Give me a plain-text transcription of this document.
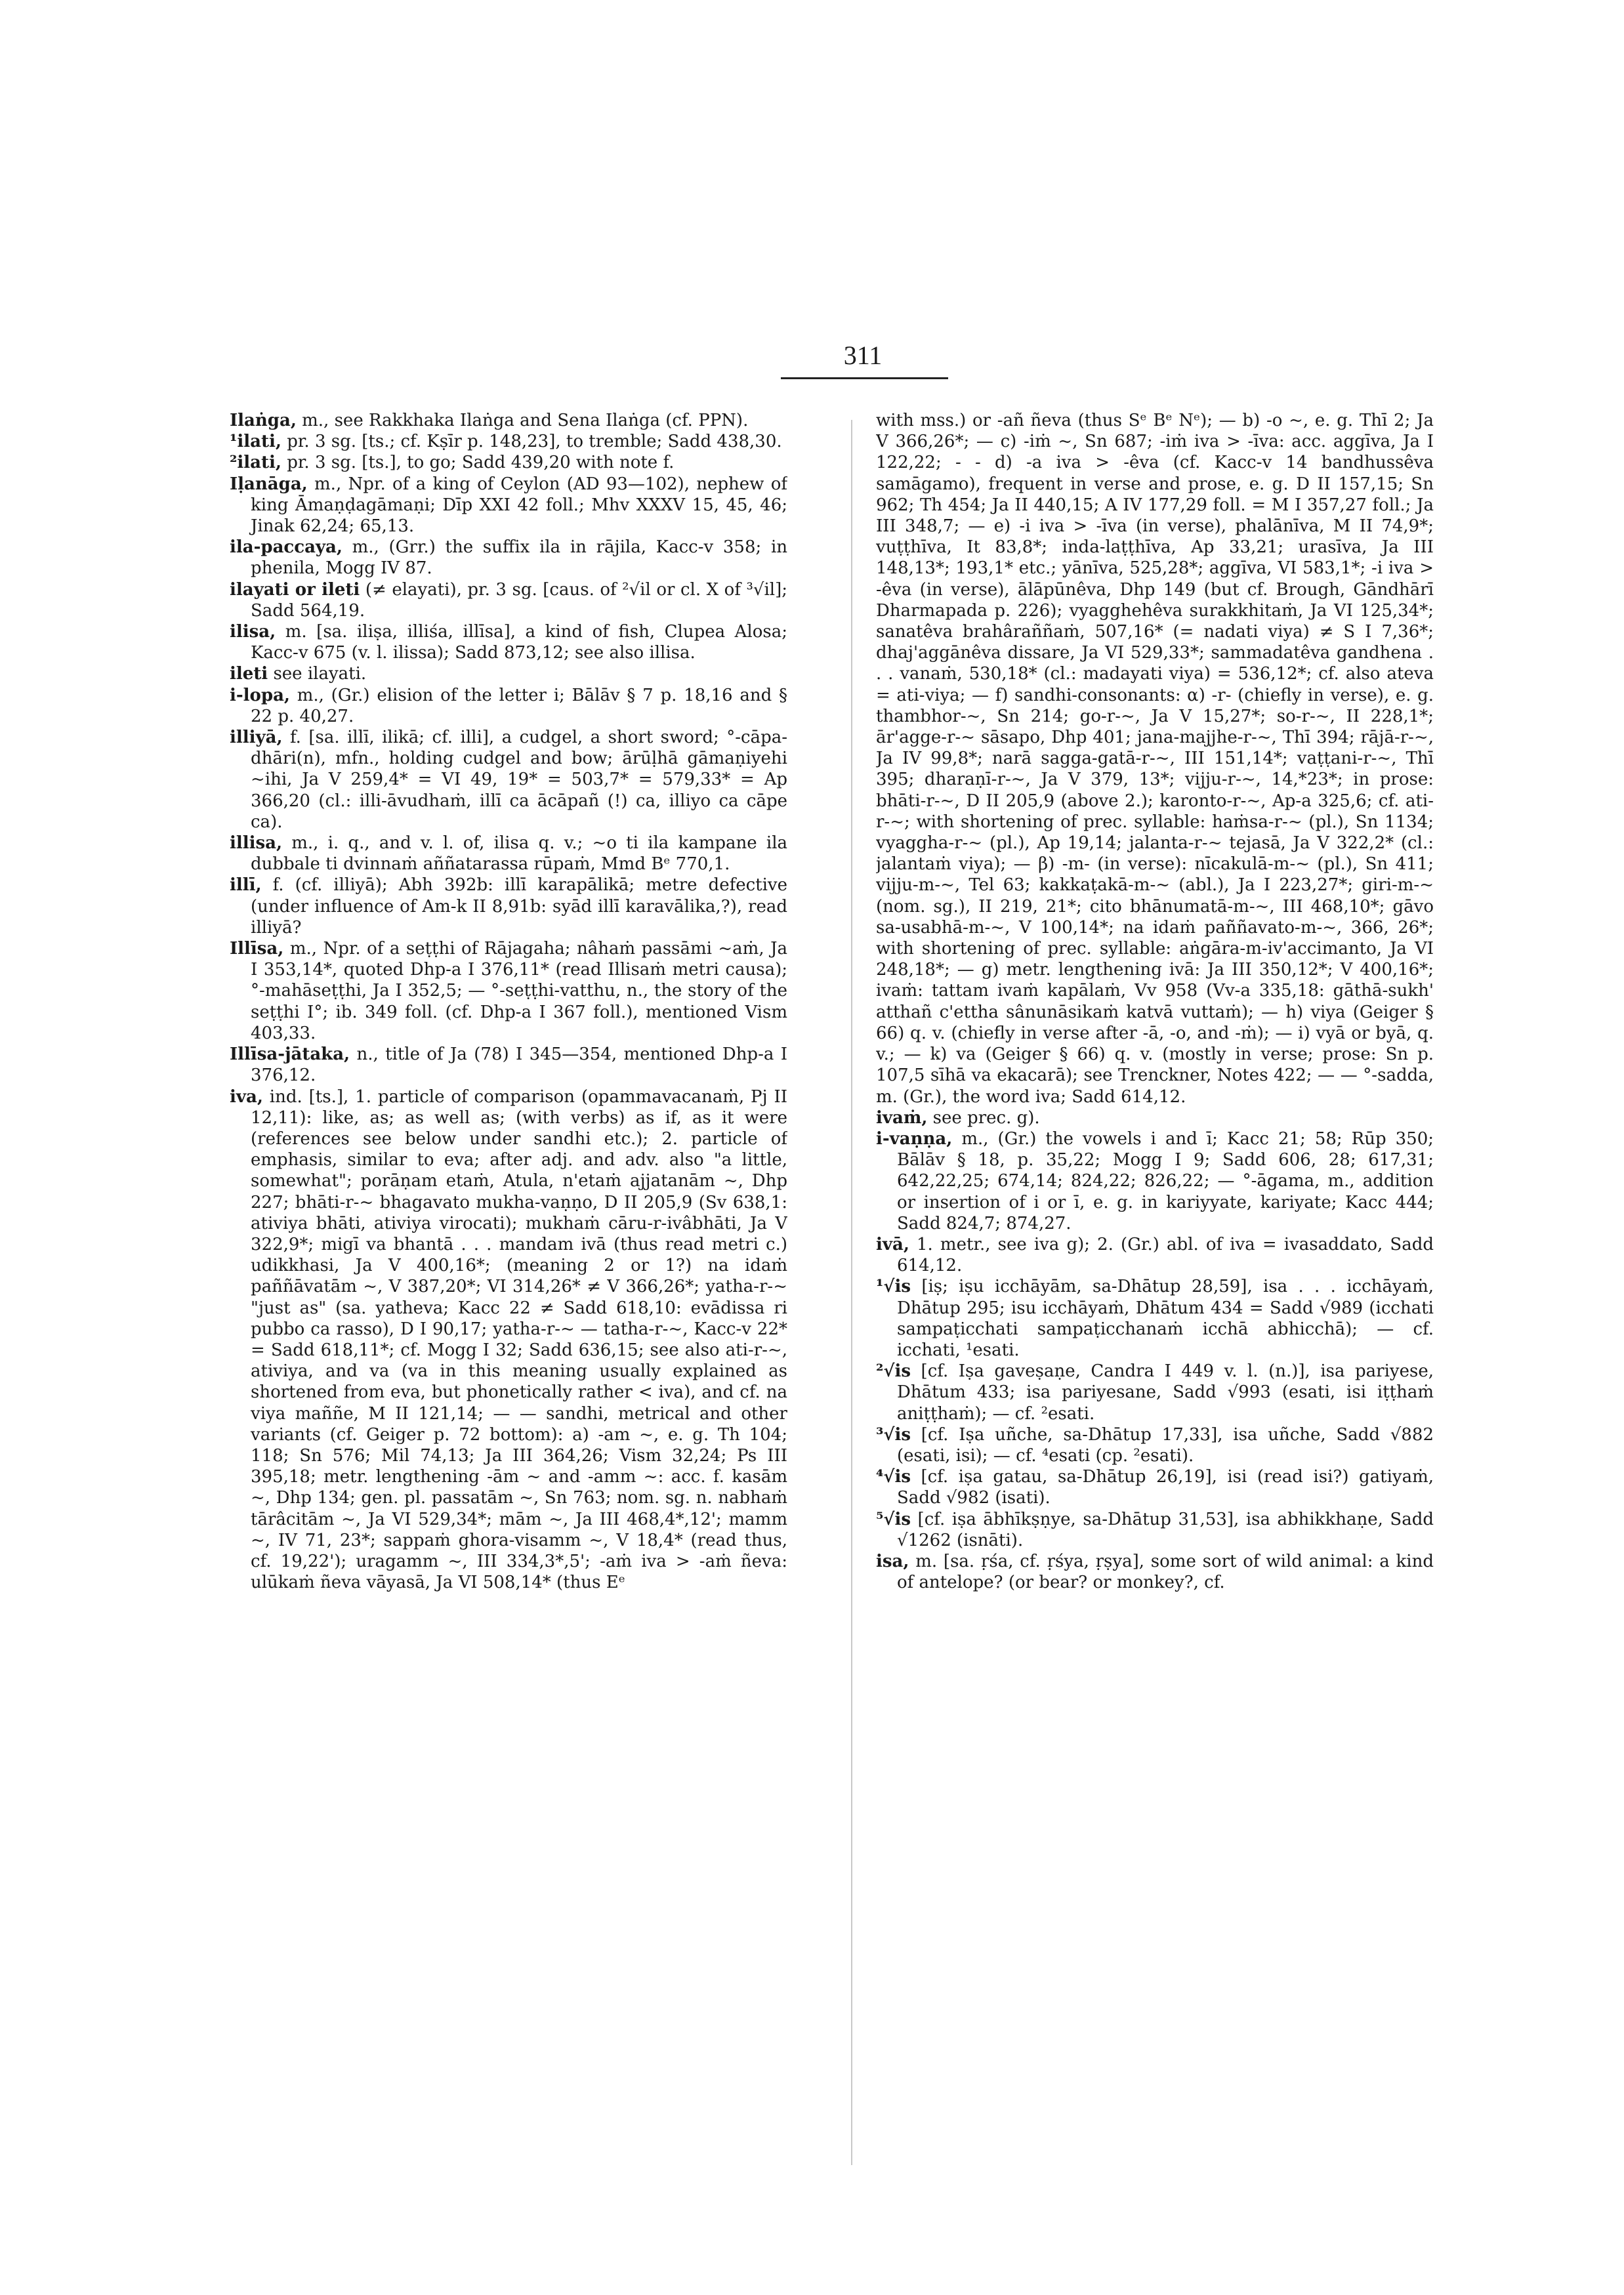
311

Ilaṅga, m., see Rakkhaka Ilaṅga and Sena Ilaṅga (cf. PPN).

¹ilati, pr. 3 sg. [ts.; cf. Kṣīr p. 148,23], to tremble; Sadd 438,30.

²ilati, pr. 3 sg. [ts.], to go; Sadd 439,20 with note f.

Iḷanāga, m., Npr. of a king of Ceylon (AD 93—102), nephew of king Āmaṇḍagāmaṇi; Dīp XXI 42 foll.; Mhv XXXV 15, 45, 46; Jinak 62,24; 65,13.

ila-paccaya, m., (Grr.) the suffix ila in rājila, Kacc-v 358; in phenila, Mogg IV 87.

ilayati or ileti (≠ elayati), pr. 3 sg. [caus. of ²√il or cl. X of ³√il]; Sadd 564,19.

ilisa, m. [sa. iliṣa, illiśa, illīsa], a kind of fish, Clupea Alosa; Kacc-v 675 (v. l. ilissa); Sadd 873,12; see also illisa.

ileti see ilayati.

i-lopa, m., (Gr.) elision of the letter i; Bālāv § 7 p. 18,16 and § 22 p. 40,27.

illiyā, f. [sa. illī, ilikā; cf. illi], a cudgel, a short sword; °-cāpa-dhāri(n), mfn., holding cudgel and bow; ārūḷhā gāmaṇiyehi ~ihi, Ja V 259,4* = VI 49, 19* = 503,7* = 579,33* = Ap 366,20 (cl.: illi-āvudhaṁ, illī ca ācāpañ (!) ca, illiyo ca cāpe ca).

illisa, m., i. q., and v. l. of, ilisa q. v.; ~o ti ila kampane ila dubbale ti dvinnaṁ aññatarassa rūpaṁ, Mmd Bᵉ 770,1.

illī, f. (cf. illiyā); Abh 392b: illī karapālikā; metre defective (under influence of Am-k II 8,91b: syād illī karavālika,?), read illiyā?

Illīsa, m., Npr. of a seṭṭhi of Rājagaha; nâhaṁ passāmi ~aṁ, Ja I 353,14*, quoted Dhp-a I 376,11* (read Illisaṁ metri causa); °-mahāseṭṭhi, Ja I 352,5; — °-seṭṭhi-vatthu, n., the story of the seṭṭhi I°; ib. 349 foll. (cf. Dhp-a I 367 foll.), mentioned Vism 403,33.

Illīsa-jātaka, n., title of Ja (78) I 345—354, mentioned Dhp-a I 376,12.

iva, ind. [ts.], 1. particle of comparison (opammavacanaṁ, Pj II 12,11): like, as; as well as; (with verbs) as if, as it were (references see below under sandhi etc.); 2. particle of emphasis, similar to eva; after adj. and adv. also "a little, somewhat"; porāṇam etaṁ, Atula, n'etaṁ ajjatanām ~, Dhp 227; bhāti-r-~ bhagavato mukha-vaṇṇo, D II 205,9 (Sv 638,1: ativiya bhāti, ativiya virocati); mukhaṁ cāru-r-ivâbhāti, Ja V 322,9*; migī va bhantā . . . mandam ivā (thus read metri c.) udikkhasi, Ja V 400,16*; (meaning 2 or 1?) na idaṁ paññāvatām ~, V 387,20*; VI 314,26* ≠ V 366,26*; yatha-r-~ "just as" (sa. yatheva; Kacc 22 ≠ Sadd 618,10: evādissa ri pubbo ca rasso), D I 90,17; yatha-r-~ — tatha-r-~, Kacc-v 22* = Sadd 618,11*; cf. Mogg I 32; Sadd 636,15; see also ati-r-~, ativiya, and va (va in this meaning usually explained as shortened from eva, but phonetically rather < iva), and cf. na viya maññe, M II 121,14; — — sandhi, metrical and other variants (cf. Geiger p. 72 bottom): a) -am ~, e. g. Th 104; 118; Sn 576; Mil 74,13; Ja III 364,26; Vism 32,24; Ps III 395,18; metr. lengthening -ām ~ and -amm ~: acc. f. kasām ~, Dhp 134; gen. pl. passatām ~, Sn 763; nom. sg. n. nabhaṁ tārâcitām ~, Ja VI 529,34*; mām ~, Ja III 468,4*,12'; mamm ~, IV 71, 23*; sappaṁ ghora-visamm ~, V 18,4* (read thus, cf. 19,22'); uragamm ~, III 334,3*,5'; -aṁ iva > -aṁ ñeva: ulūkaṁ ñeva vāyasā, Ja VI 508,14* (thus Eᵉ

with mss.) or -añ ñeva (thus Sᵉ Bᵉ Nᵉ); — b) -o ~, e. g. Thī 2; Ja V 366,26*; — c) -iṁ ~, Sn 687; -iṁ iva > -īva: acc. aggīva, Ja I 122,22; - - d) -a iva > -êva (cf. Kacc-v 14 bandhussêva samāgamo), frequent in verse and prose, e. g. D II 157,15; Sn 962; Th 454; Ja II 440,15; A IV 177,29 foll. = M I 357,27 foll.; Ja III 348,7; — e) -i iva > -īva (in verse), phalānīva, M II 74,9*; vuṭṭhīva, It 83,8*; inda-laṭṭhīva, Ap 33,21; urasīva, Ja III 148,13*; 193,1* etc.; yānīva, 525,28*; aggīva, VI 583,1*; -i iva > -êva (in verse), ālāpūnêva, Dhp 149 (but cf. Brough, Gāndhārī Dharmapada p. 226); vyagghehêva surakkhitaṁ, Ja VI 125,34*; sanatêva brahâraññaṁ, 507,16* (= nadati viya) ≠ S I 7,36*; dhaj'aggānêva dissare, Ja VI 529,33*; sammadatêva gandhena . . . vanaṁ, 530,18* (cl.: madayati viya) = 536,12*; cf. also ateva = ati-viya; — f) sandhi-consonants: α) -r- (chiefly in verse), e. g. thambhor-~, Sn 214; go-r-~, Ja V 15,27*; so-r-~, II 228,1*; ār'agge-r-~ sāsapo, Dhp 401; jana-majjhe-r-~, Thī 394; rājā-r-~, Ja IV 99,8*; narā sagga-gatā-r-~, III 151,14*; vaṭṭani-r-~, Thī 395; dharaṇī-r-~, Ja V 379, 13*; vijju-r-~, 14,*23*; in prose: bhāti-r-~, D II 205,9 (above 2.); karonto-r-~, Ap-a 325,6; cf. ati-r-~; with shortening of prec. syllable: haṁsa-r-~ (pl.), Sn 1134; vyaggha-r-~ (pl.), Ap 19,14; jalanta-r-~ tejasā, Ja V 322,2* (cl.: jalantaṁ viya); — β) -m- (in verse): nīcakulā-m-~ (pl.), Sn 411; vijju-m-~, Tel 63; kakkaṭakā-m-~ (abl.), Ja I 223,27*; giri-m-~ (nom. sg.), II 219, 21*; cito bhānumatā-m-~, III 468,10*; gāvo sa-usabhā-m-~, V 100,14*; na idaṁ paññavato-m-~, 366, 26*; with shortening of prec. syllable: aṅgāra-m-iv'accimanto, Ja VI 248,18*; — g) metr. lengthening ivā: Ja III 350,12*; V 400,16*; ivaṁ: tattam ivaṁ kapālaṁ, Vv 958 (Vv-a 335,18: gāthā-sukh' atthañ c'ettha sânunāsikaṁ katvā vuttaṁ); — h) viya (Geiger § 66) q. v. (chiefly in verse after -ā, -o, and -ṁ); — i) vyā or byā, q. v.; — k) va (Geiger § 66) q. v. (mostly in verse; prose: Sn p. 107,5 sīhā va ekacarā); see Trenckner, Notes 422; — — °-sadda, m. (Gr.), the word iva; Sadd 614,12.

ivaṁ, see prec. g).

i-vaṇṇa, m., (Gr.) the vowels i and ī; Kacc 21; 58; Rūp 350; Bālāv § 18, p. 35,22; Mogg I 9; Sadd 606, 28; 617,31; 642,22,25; 674,14; 824,22; 826,22; — °-āgama, m., addition or insertion of i or ī, e. g. in kariyyate, kariyate; Kacc 444; Sadd 824,7; 874,27.

ivā, 1. metr., see iva g); 2. (Gr.) abl. of iva = ivasaddato, Sadd 614,12.

¹√is [iṣ; iṣu icchāyām, sa-Dhātup 28,59], isa . . . icchāyaṁ, Dhātup 295; isu icchāyaṁ, Dhātum 434 = Sadd √989 (icchati sampaṭicchati sampaṭicchanaṁ icchā abhicchā); — cf. icchati, ¹esati.

²√is [cf. Iṣa gaveṣaṇe, Candra I 449 v. l. (n.)], isa pariyese, Dhātum 433; isa pariyesane, Sadd √993 (esati, isi iṭṭhaṁ aniṭṭhaṁ); — cf. ²esati.

³√is [cf. Iṣa uñche, sa-Dhātup 17,33], isa uñche, Sadd √882 (esati, isi); — cf. ⁴esati (cp. ²esati).

⁴√is [cf. iṣa gatau, sa-Dhātup 26,19], isi (read isi?) gatiyaṁ, Sadd √982 (isati).

⁵√is [cf. iṣa ābhīkṣṇye, sa-Dhātup 31,53], isa abhikkhaṇe, Sadd √1262 (isnāti).

isa, m. [sa. ṛśa, cf. ṛśya, ṛṣya], some sort of wild animal: a kind of antelope? (or bear? or monkey?, cf.
